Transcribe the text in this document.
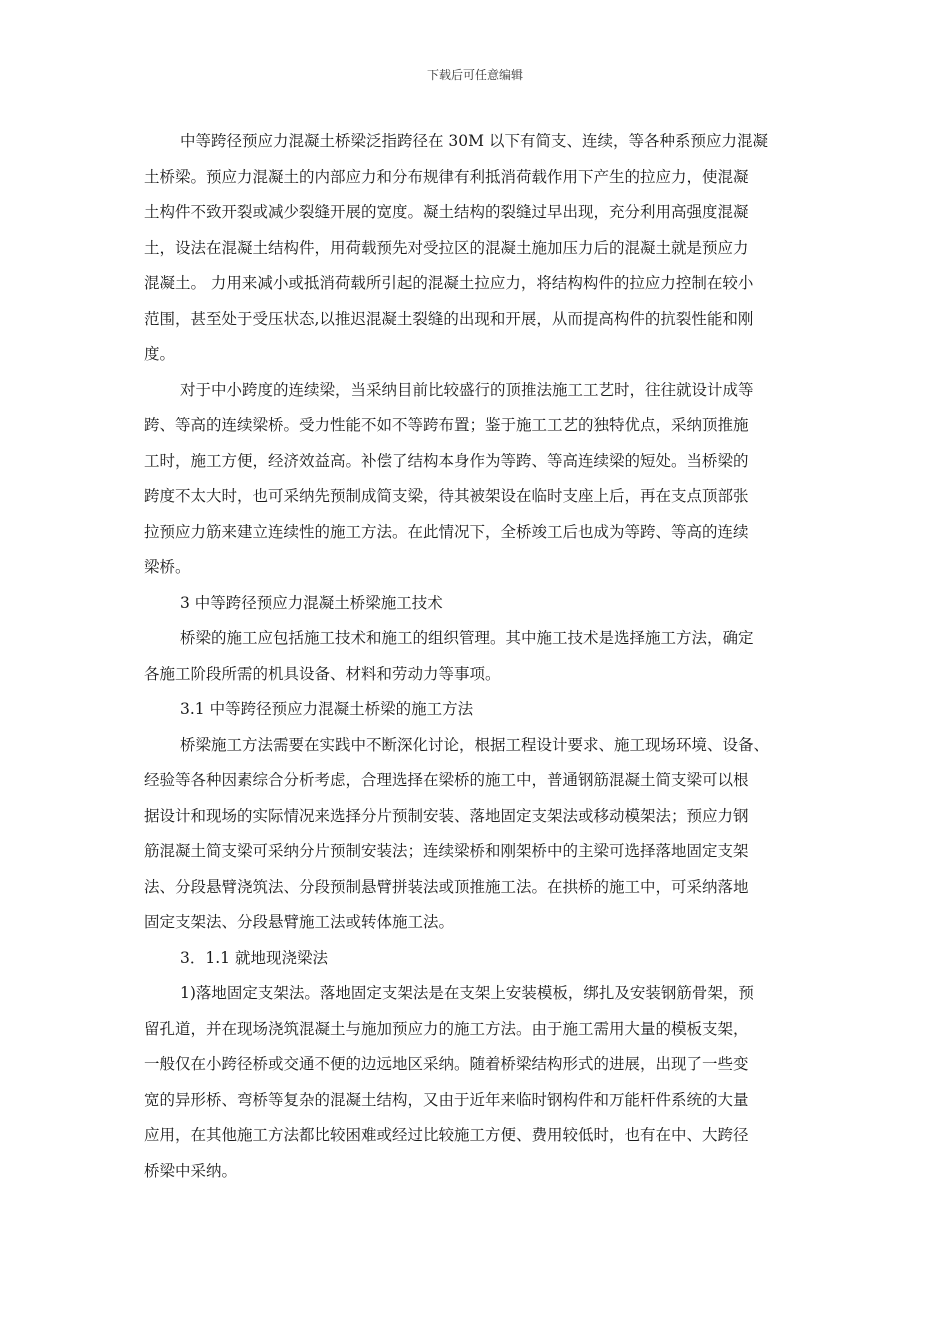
下载后可任意编辑
中等跨径预应力混凝土桥梁泛指跨径在 30M 以下有简支、连续，等各种系预应力混凝
土桥梁。预应力混凝土的内部应力和分布规律有利抵消荷载作用下产生的拉应力，使混凝
土构件不致开裂或减少裂缝开展的宽度。凝土结构的裂缝过早出现，充分利用高强度混凝
土，设法在混凝土结构件，用荷载预先对受拉区的混凝土施加压力后的混凝土就是预应力
混凝土。 力用来减小或抵消荷载所引起的混凝土拉应力，将结构构件的拉应力控制在较小
范围，甚至处于受压状态,以推迟混凝土裂缝的出现和开展，从而提高构件的抗裂性能和刚
度。
对于中小跨度的连续梁，当采纳目前比较盛行的顶推法施工工艺时，往往就设计成等
跨、等高的连续梁桥。受力性能不如不等跨布置；鉴于施工工艺的独特优点，采纳顶推施
工时，施工方便，经济效益高。补偿了结构本身作为等跨、等高连续梁的短处。当桥梁的
跨度不太大时，也可采纳先预制成简支梁，待其被架设在临时支座上后，再在支点顶部张
拉预应力筋来建立连续性的施工方法。在此情况下，全桥竣工后也成为等跨、等高的连续
梁桥。
3 中等跨径预应力混凝土桥梁施工技术
桥梁的施工应包括施工技术和施工的组织管理。其中施工技术是选择施工方法，确定
各施工阶段所需的机具设备、材料和劳动力等事项。
3.1 中等跨径预应力混凝土桥梁的施工方法
桥梁施工方法需要在实践中不断深化讨论，根据工程设计要求、施工现场环境、设备、
经验等各种因素综合分析考虑，合理选择在梁桥的施工中，普通钢筋混凝土简支梁可以根
据设计和现场的实际情况来选择分片预制安装、落地固定支架法或移动模架法；预应力钢
筋混凝土简支梁可采纳分片预制安装法；连续梁桥和刚架桥中的主梁可选择落地固定支架
法、分段悬臂浇筑法、分段预制悬臂拼装法或顶推施工法。在拱桥的施工中，可采纳落地
固定支架法、分段悬臂施工法或转体施工法。
3．1.1 就地现浇梁法
1)落地固定支架法。落地固定支架法是在支架上安装模板，绑扎及安装钢筋骨架，预
留孔道，并在现场浇筑混凝土与施加预应力的施工方法。由于施工需用大量的模板支架，
一般仅在小跨径桥或交通不便的边远地区采纳。随着桥梁结构形式的进展，出现了一些变
宽的异形桥、弯桥等复杂的混凝土结构，又由于近年来临时钢构件和万能杆件系统的大量
应用，在其他施工方法都比较困难或经过比较施工方便、费用较低时，也有在中、大跨径
桥梁中采纳。
